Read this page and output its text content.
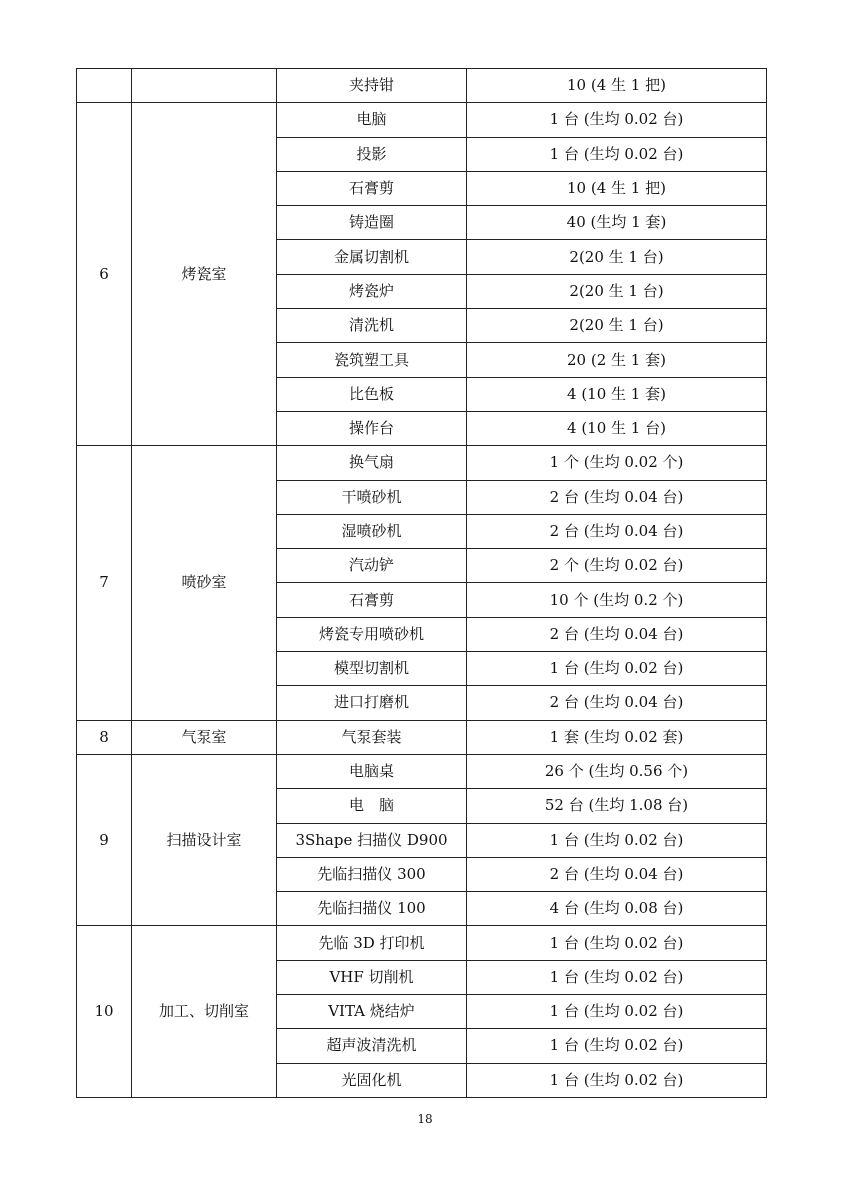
		夹持钳	10 (4 生 1 把)
6	烤瓷室	电脑	1 台 (生均 0.02 台)
		投影	1 台 (生均 0.02 台)
		石膏剪	10 (4 生 1 把)
		铸造圈	40 (生均 1 套)
		金属切割机	2(20 生 1 台)
		烤瓷炉	2(20 生 1 台)
		清洗机	2(20 生 1 台)
		瓷筑塑工具	20 (2 生 1 套)
		比色板	4 (10 生 1 套)
		操作台	4 (10 生 1 台)
7	喷砂室	换气扇	1 个 (生均 0.02 个)
		干喷砂机	2 台 (生均 0.04 台)
		湿喷砂机	2 台 (生均 0.04 台)
		汽动铲	2 个 (生均 0.02 台)
		石膏剪	10 个 (生均 0.2 个)
		烤瓷专用喷砂机	2 台 (生均 0.04 台)
		模型切割机	1 台 (生均 0.02 台)
		进口打磨机	2 台 (生均 0.04 台)
8	气泵室	气泵套装	1 套 (生均 0.02 套)
9	扫描设计室	电脑桌	26 个 (生均 0.56 个)
		电　脑	52 台 (生均 1.08 台)
		3Shape 扫描仪 D900	1 台 (生均 0.02 台)
		先临扫描仪 300	2 台 (生均 0.04 台)
		先临扫描仪 100	4 台 (生均 0.08 台)
10	加工、切削室	先临 3D 打印机	1 台 (生均 0.02 台)
		VHF 切削机	1 台 (生均 0.02 台)
		VITA 烧结炉	1 台 (生均 0.02 台)
		超声波清洗机	1 台 (生均 0.02 台)
		光固化机	1 台 (生均 0.02 台)
18
